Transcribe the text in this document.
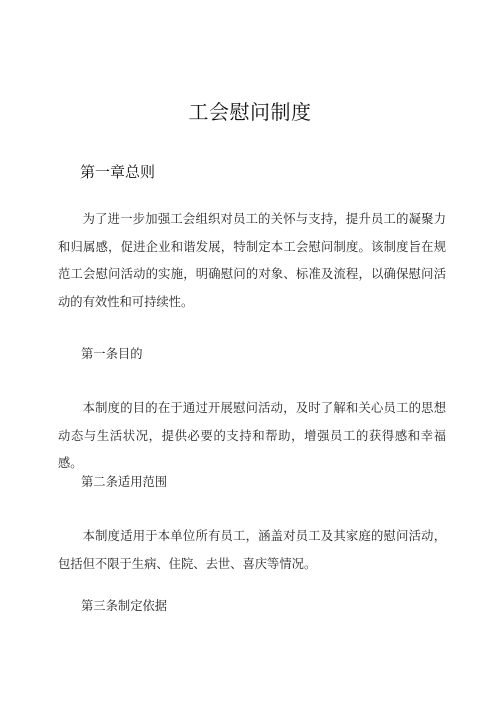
工会慰问制度
第一章总则

为了进一步加强工会组织对员工的关怀与支持，提升员工的凝聚力和归属感，促进企业和谐发展，特制定本工会慰问制度。该制度旨在规范工会慰问活动的实施，明确慰问的对象、标准及流程，以确保慰问活动的有效性和可持续性。

第一条目的

本制度的目的在于通过开展慰问活动，及时了解和关心员工的思想动态与生活状况，提供必要的支持和帮助，增强员工的获得感和幸福感。

第二条适用范围

本制度适用于本单位所有员工，涵盖对员工及其家庭的慰问活动，包括但不限于生病、住院、去世、喜庆等情况。

第三条制定依据
